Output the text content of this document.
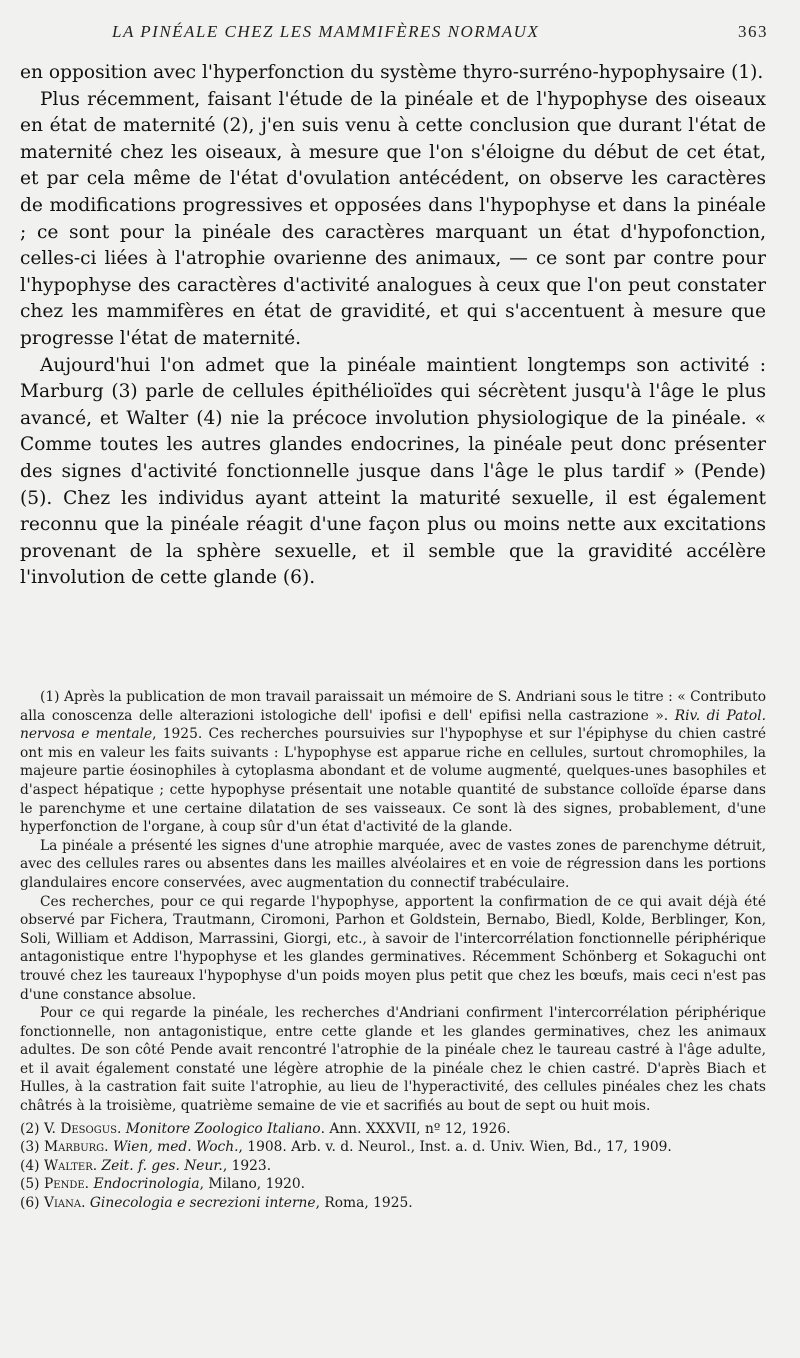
LA PINÉALE CHEZ LES MAMMIFÈRES NORMAUX	363

en opposition avec l'hyperfonction du système thyro-surréno-hypophysaire (1).

Plus récemment, faisant l'étude de la pinéale et de l'hypophyse des oiseaux en état de maternité (2), j'en suis venu à cette conclusion que durant l'état de maternité chez les oiseaux, à mesure que l'on s'éloigne du début de cet état, et par cela même de l'état d'ovulation antécédent, on observe les caractères de modifications progressives et opposées dans l'hypophyse et dans la pinéale ; ce sont pour la pinéale des caractères marquant un état d'hypofonction, celles-ci liées à l'atrophie ovarienne des animaux, — ce sont par contre pour l'hypophyse des caractères d'activité analogues à ceux que l'on peut constater chez les mammifères en état de gravidité, et qui s'accentuent à mesure que progresse l'état de maternité.

Aujourd'hui l'on admet que la pinéale maintient longtemps son activité : Marburg (3) parle de cellules épithélioïdes qui sécrètent jusqu'à l'âge le plus avancé, et Walter (4) nie la précoce involution physiologique de la pinéale. « Comme toutes les autres glandes endocrines, la pinéale peut donc présenter des signes d'activité fonctionnelle jusque dans l'âge le plus tardif » (Pende) (5). Chez les individus ayant atteint la maturité sexuelle, il est également reconnu que la pinéale réagit d'une façon plus ou moins nette aux excitations provenant de la sphère sexuelle, et il semble que la gravidité accélère l'involution de cette glande (6).

(1) Après la publication de mon travail paraissait un mémoire de S. Andriani sous le titre : « Contributo alla conoscenza delle alterazioni istologiche dell' ipofisi e dell' epifisi nella castrazione ». Riv. di Patol. nervosa e mentale, 1925. Ces recherches poursuivies sur l'hypophyse et sur l'épiphyse du chien castré ont mis en valeur les faits suivants : L'hypophyse est apparue riche en cellules, surtout chromophiles, la majeure partie éosinophiles à cytoplasma abondant et de volume augmenté, quelques-unes basophiles et d'aspect hépatique ; cette hypophyse présentait une notable quantité de substance colloïde éparse dans le parenchyme et une certaine dilatation de ses vaisseaux. Ce sont là des signes, probablement, d'une hyperfonction de l'organe, à coup sûr d'un état d'activité de la glande.

La pinéale a présenté les signes d'une atrophie marquée, avec de vastes zones de parenchyme détruit, avec des cellules rares ou absentes dans les mailles alvéolaires et en voie de régression dans les portions glandulaires encore conservées, avec augmentation du connectif trabéculaire.

Ces recherches, pour ce qui regarde l'hypophyse, apportent la confirmation de ce qui avait déjà été observé par Fichera, Trautmann, Ciromoni, Parhon et Goldstein, Bernabo, Biedl, Kolde, Berblinger, Kon, Soli, William et Addison, Marrassini, Giorgi, etc., à savoir de l'intercorrélation fonctionnelle périphérique antagonistique entre l'hypophyse et les glandes germinatives. Récemment Schönberg et Sokaguchi ont trouvé chez les taureaux l'hypophyse d'un poids moyen plus petit que chez les bœufs, mais ceci n'est pas d'une constance absolue.

Pour ce qui regarde la pinéale, les recherches d'Andriani confirment l'intercorrélation périphérique fonctionnelle, non antagonistique, entre cette glande et les glandes germinatives, chez les animaux adultes. De son côté Pende avait rencontré l'atrophie de la pinéale chez le taureau castré à l'âge adulte, et il avait également constaté une légère atrophie de la pinéale chez le chien castré. D'après Biach et Hulles, à la castration fait suite l'atrophie, au lieu de l'hyperactivité, des cellules pinéales chez les chats châtrés à la troisième, quatrième semaine de vie et sacrifiés au bout de sept ou huit mois.

(2) V. Desogus. Monitore Zoologico Italiano. Ann. XXXVII, nº 12, 1926.
(3) Marburg. Wien, med. Woch., 1908. Arb. v. d. Neurol., Inst. a. d. Univ. Wien, Bd., 17, 1909.
(4) Walter. Zeit. f. ges. Neur., 1923.
(5) Pende. Endocrinologia, Milano, 1920.
(6) Viana. Ginecologia e secrezioni interne, Roma, 1925.
